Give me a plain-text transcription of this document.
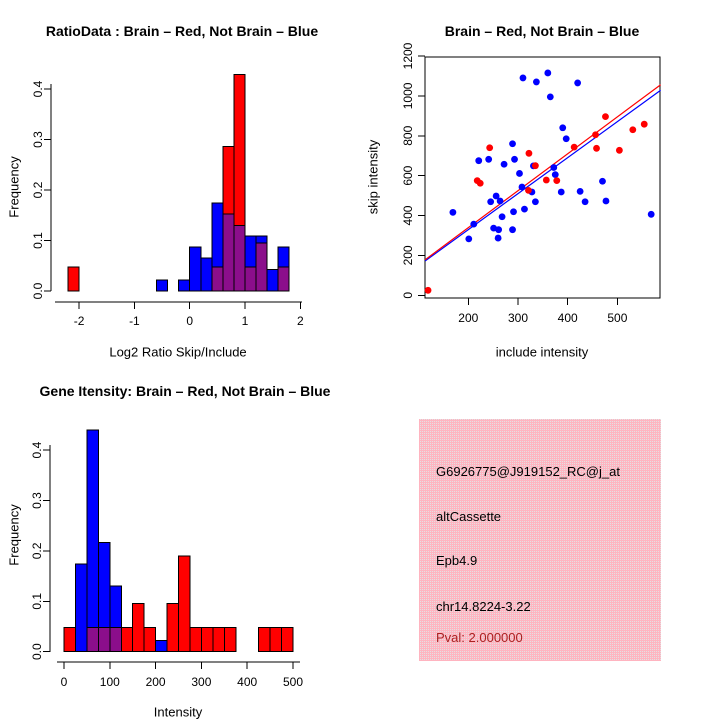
-2	-1	0	1	2
0.0
0.1
0.2
0.3
0.4
RatioData : Brain – Red, Not Brain – Blue
Log2 Ratio Skip/Include
Frequency
200 300 400 500
0
200
400
600
800
1000
1200
Brain – Red, Not Brain – Blue
include intensity
skip intensity
0	100 200 300 400 500
0.0
0.1
0.2
0.3
0.4
Gene Itensity: Brain – Red, Not Brain – Blue
Intensity
Frequency
G6926775@J919152_RC@j_at
altCassette
Epb4.9
chr14.8224-3.22
Pval: 2.000000
